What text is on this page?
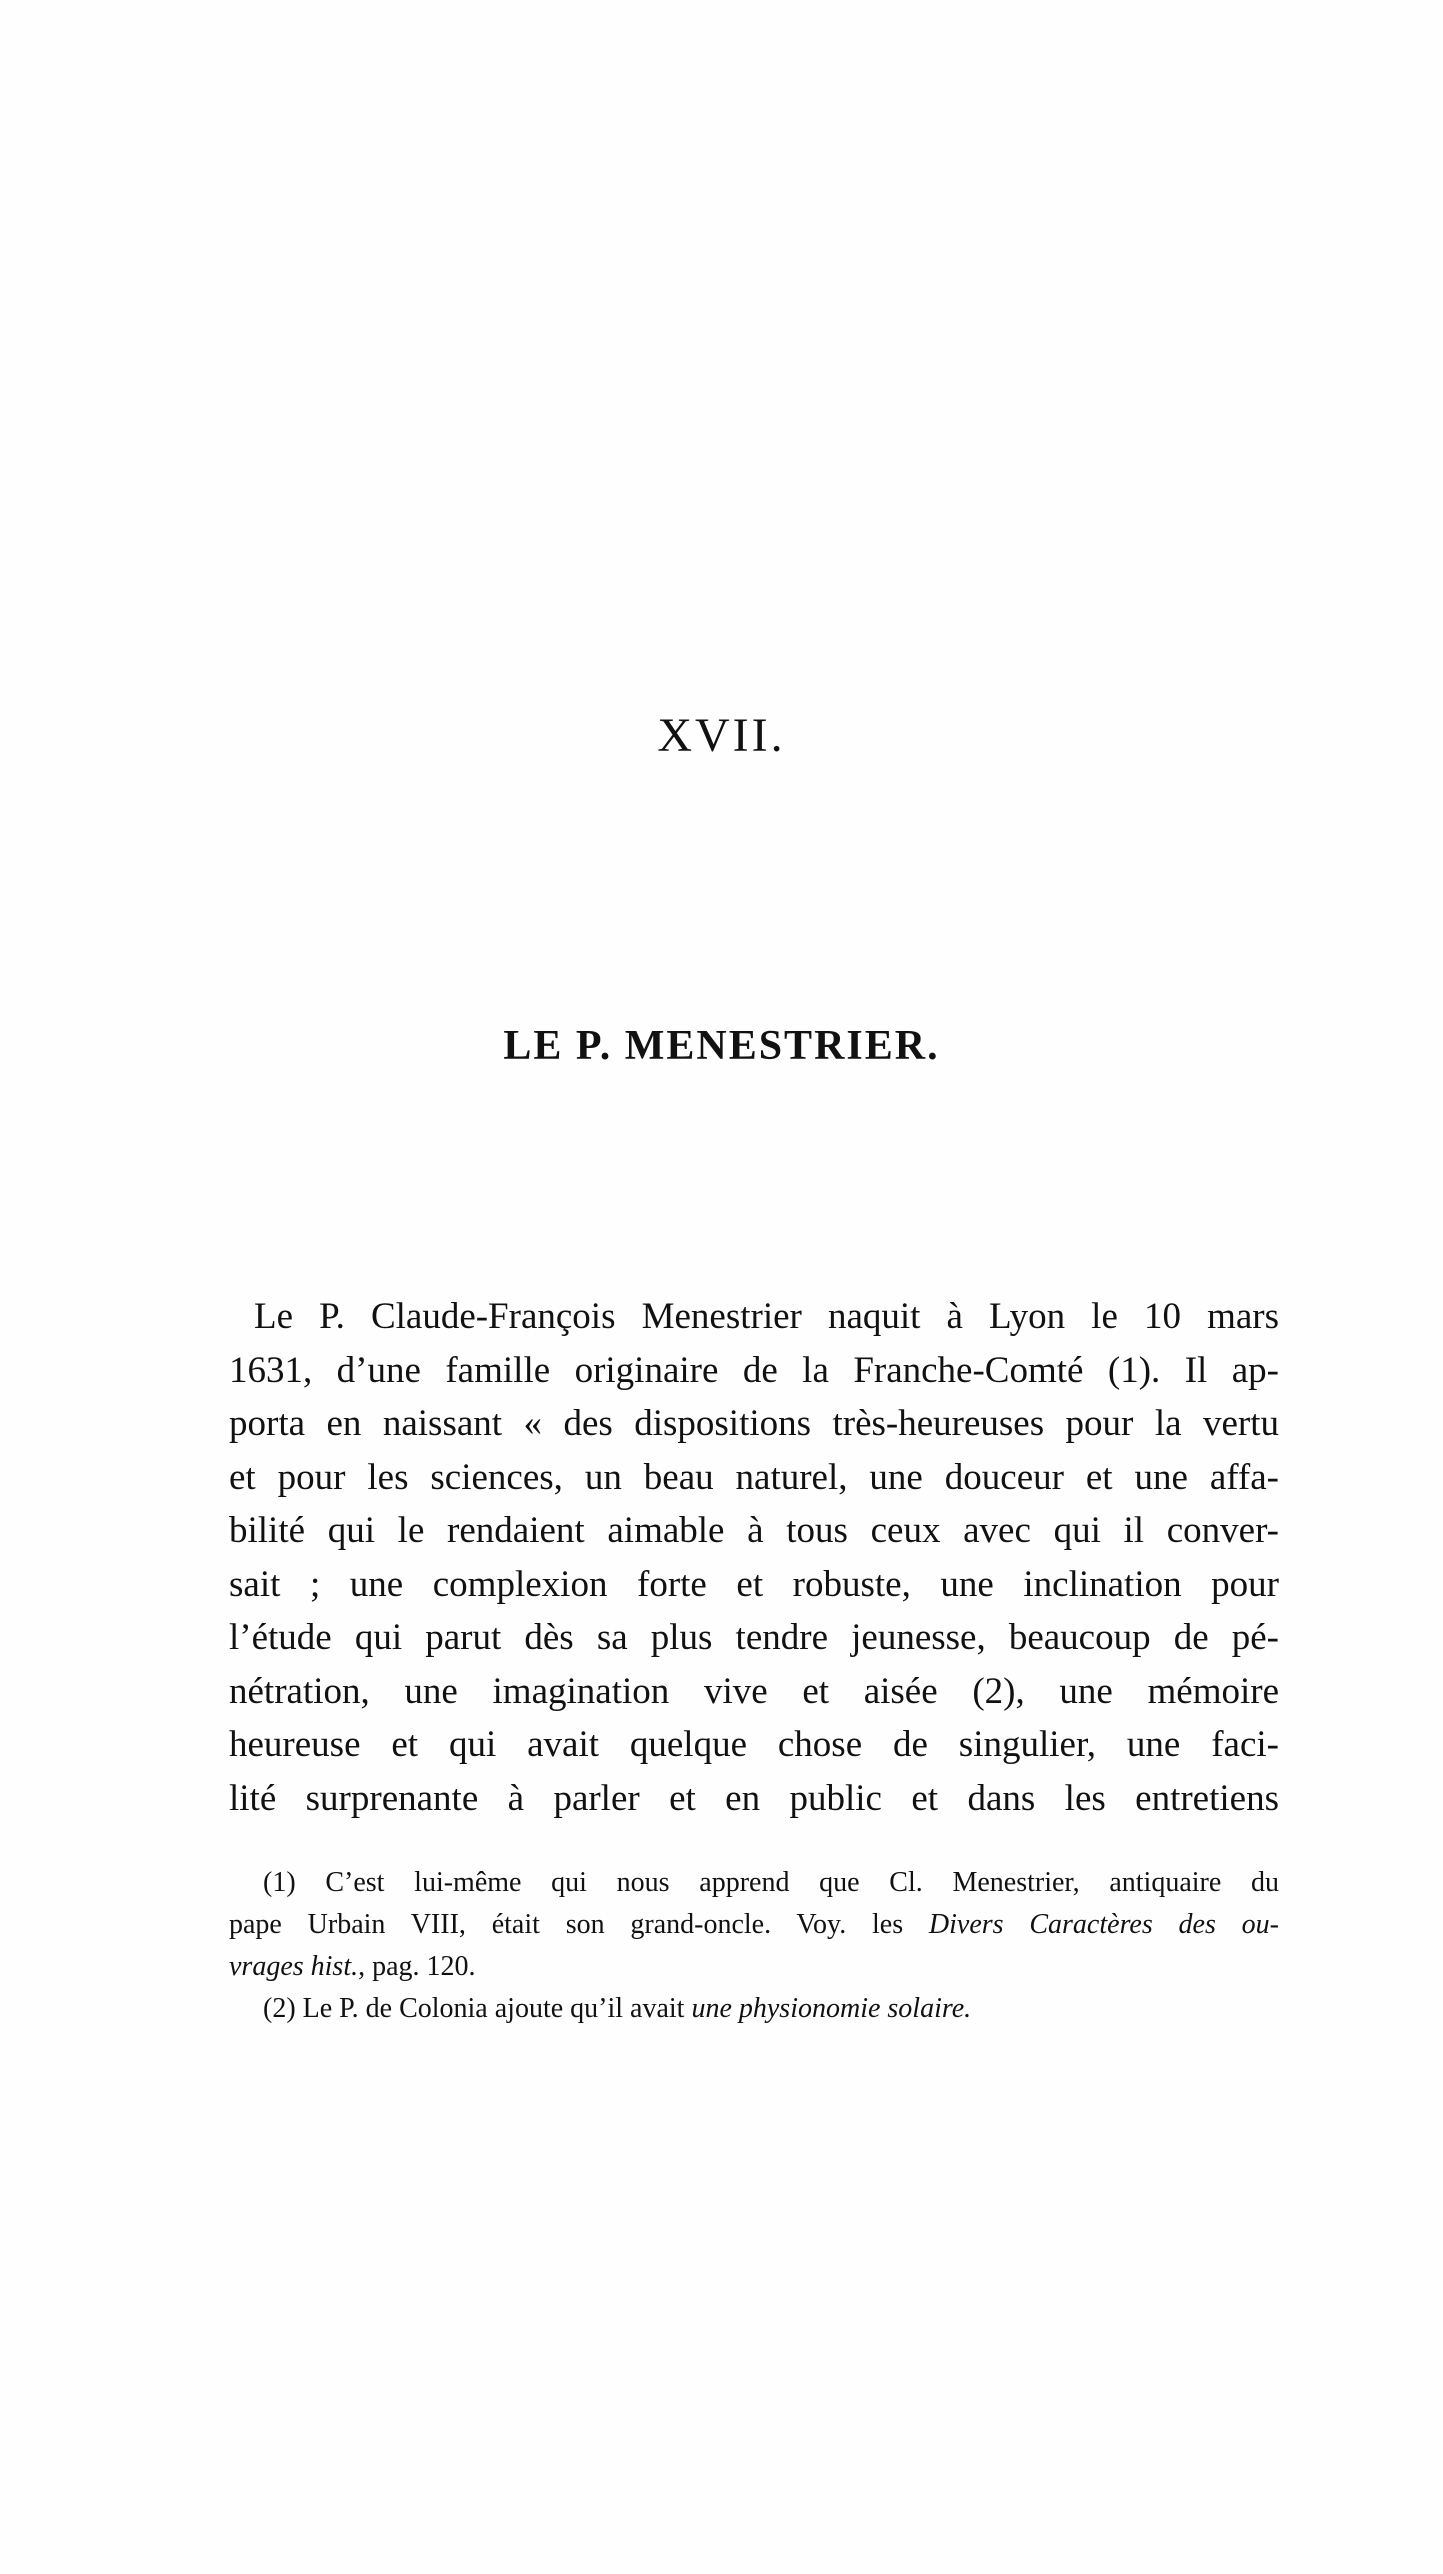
XVII.
LE P. MENESTRIER.
Le P. Claude-François Menestrier naquit à Lyon le 10 mars
1631, d’une famille originaire de la Franche-Comté (1). Il ap-
porta en naissant « des dispositions très-heureuses pour la vertu
et pour les sciences, un beau naturel, une douceur et une affa-
bilité qui le rendaient aimable à tous ceux avec qui il conver-
sait ; une complexion forte et robuste, une inclination pour
l’étude qui parut dès sa plus tendre jeunesse, beaucoup de pé-
nétration, une imagination vive et aisée (2), une mémoire
heureuse et qui avait quelque chose de singulier, une faci-
lité surprenante à parler et en public et dans les entretiens
(1) C’est lui-même qui nous apprend que Cl. Menestrier, antiquaire du
pape Urbain VIII, était son grand-oncle. Voy. les Divers Caractères des ou-
vrages hist., pag. 120.
(2) Le P. de Colonia ajoute qu’il avait une physionomie solaire.
